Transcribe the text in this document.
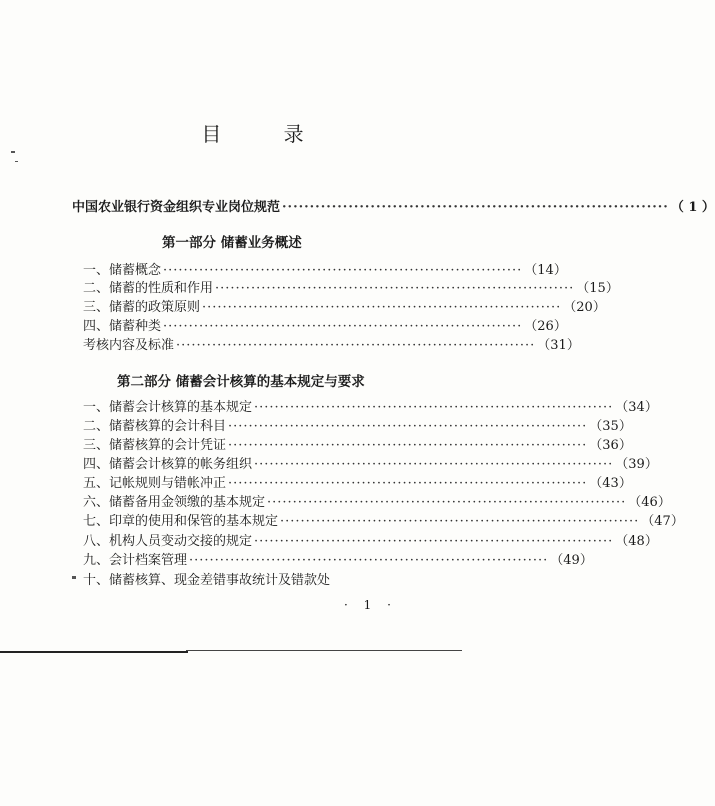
目 录
中国农业银行资金组织专业岗位规范 ······································································ （ 1 ）
第一部分 储蓄业务概述
一、储蓄概念 ······································································ （14）
二、储蓄的性质和作用 ······································································ （15）
三、储蓄的政策原则 ······································································ （20）
四、储蓄种类 ······································································ （26）
考核内容及标准 ······································································ （31）
第二部分 储蓄会计核算的基本规定与要求
一、储蓄会计核算的基本规定 ······································································ （34）
二、储蓄核算的会计科目 ······································································ （35）
三、储蓄核算的会计凭证 ······································································ （36）
四、储蓄会计核算的帐务组织 ······································································ （39）
五、记帐规则与错帐冲正 ······································································ （43）
六、储蓄备用金领缴的基本规定 ······································································ （46）
七、印章的使用和保管的基本规定 ······································································ （47）
八、机构人员变动交接的规定 ······································································ （48）
九、会计档案管理 ······································································ （49）
十、储蓄核算、现金差错事故统计及错款处
· 1 ·
